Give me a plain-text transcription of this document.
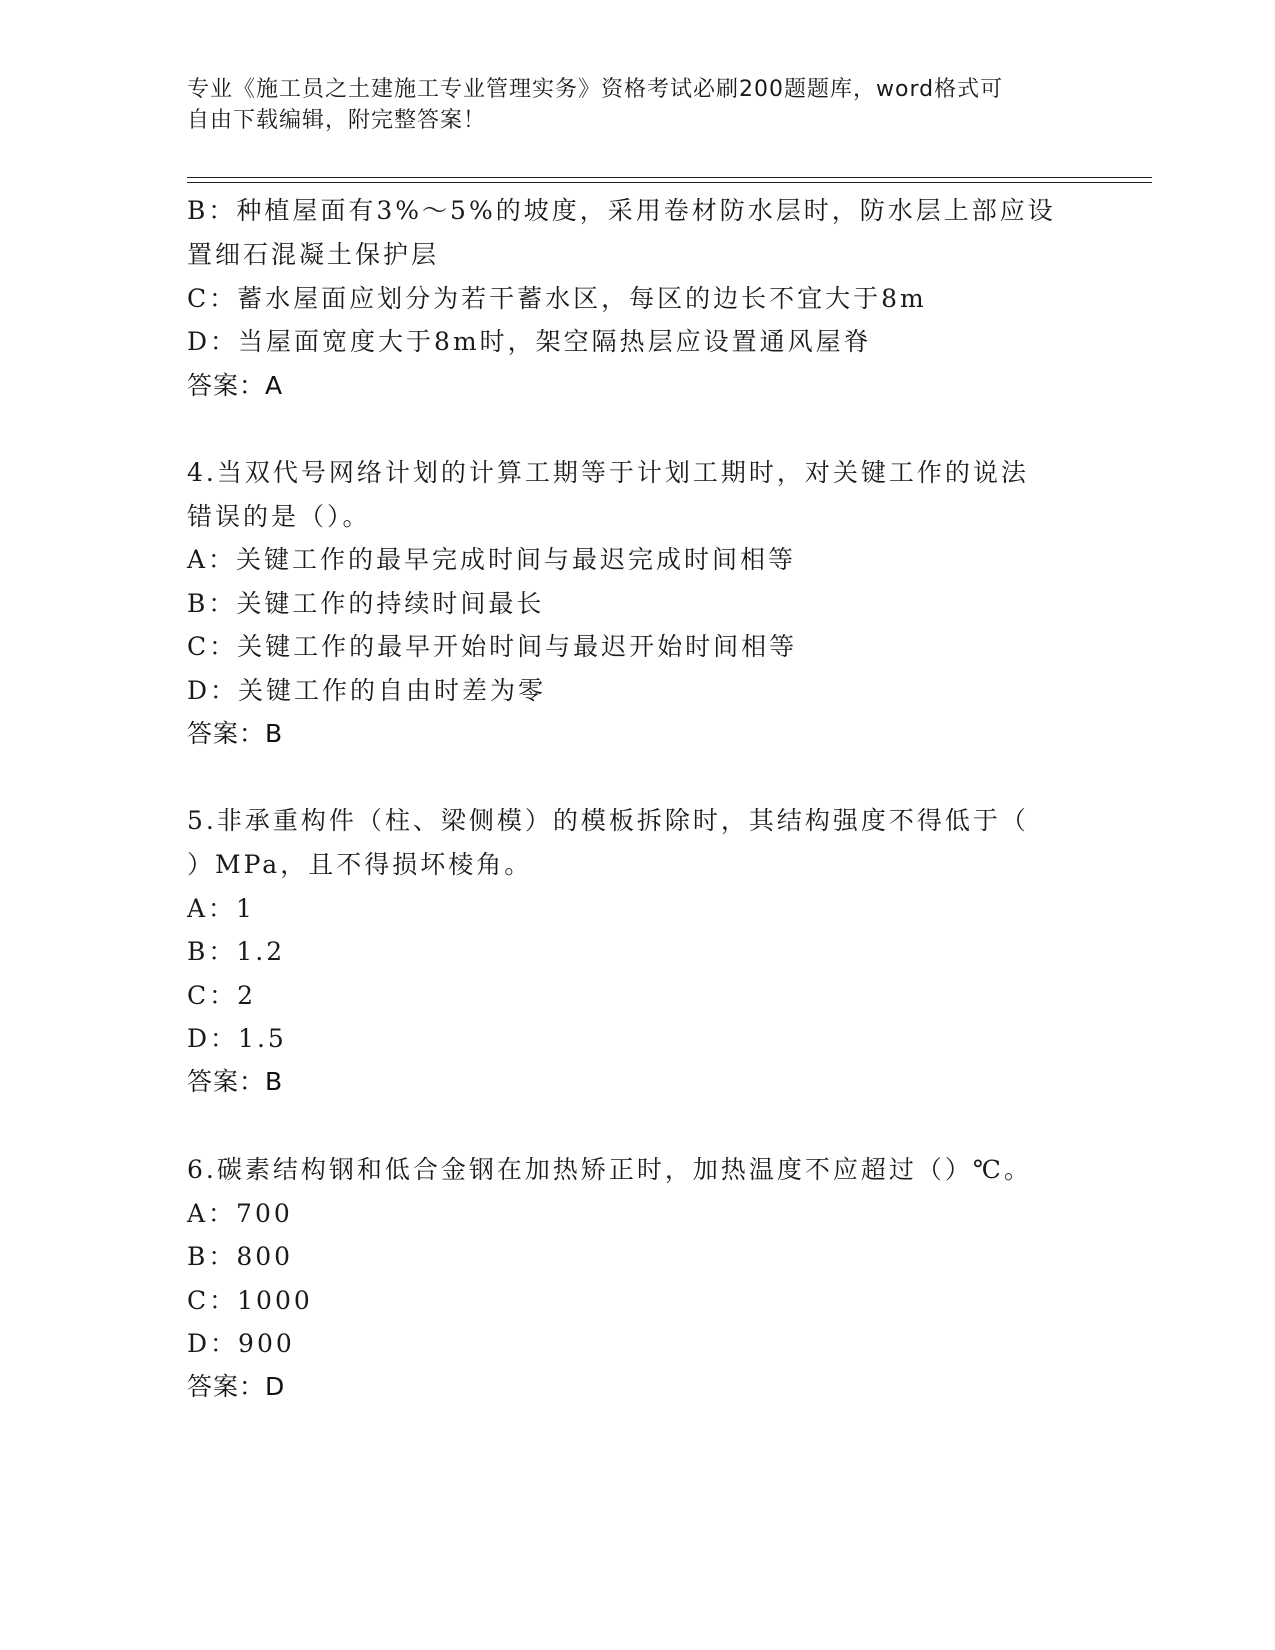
专业《施工员之土建施工专业管理实务》资格考试必刷200题题库，word格式可
自由下载编辑，附完整答案！
B：种植屋面有3%～5%的坡度，采用卷材防水层时，防水层上部应设
置细石混凝土保护层
C：蓄水屋面应划分为若干蓄水区，每区的边长不宜大于8m
D：当屋面宽度大于8m时，架空隔热层应设置通风屋脊
答案：A
4.当双代号网络计划的计算工期等于计划工期时，对关键工作的说法
错误的是（）。
A：关键工作的最早完成时间与最迟完成时间相等
B：关键工作的持续时间最长
C：关键工作的最早开始时间与最迟开始时间相等
D：关键工作的自由时差为零
答案：B
5.非承重构件（柱、梁侧模）的模板拆除时，其结构强度不得低于（
）MPa，且不得损坏棱角。
A：1
B：1.2
C：2
D：1.5
答案：B
6.碳素结构钢和低合金钢在加热矫正时，加热温度不应超过（）℃。
A：700
B：800
C：1000
D：900
答案：D
